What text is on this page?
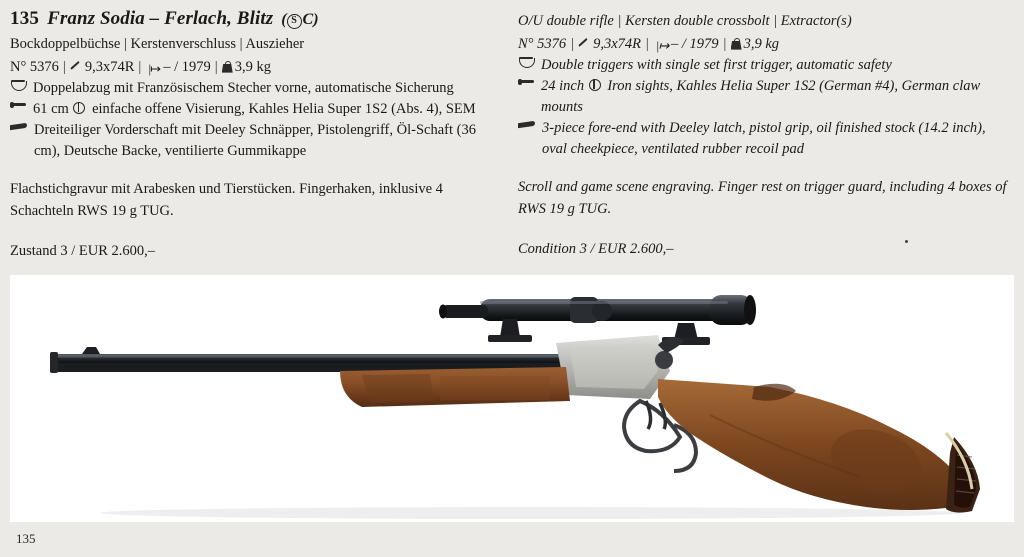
135 Franz Sodia – Ferlach, Blitz ( S C)
Bockdoppelbüchse | Kerstenverschluss | Auszieher
N° 5376 | 9,3x74R | |↦ – / 1979 | 3,9 kg
Doppelabzug mit Französischem Stecher vorne, automatische Sicherung
61 cm einfache offene Visierung, Kahles Helia Super 1S2 (Abs. 4), SEM
Dreiteiliger Vorderschaft mit Deeley Schnäpper, Pistolengriff, Öl-Schaft (36 cm), Deutsche Backe, ventilierte Gummikappe
Flachstichgravur mit Arabesken und Tierstücken. Fingerhaken, inklusive 4 Schachteln RWS 19 g TUG.
Zustand 3 / EUR 2.600,–
O/U double rifle | Kersten double crossbolt | Extractor(s)
N° 5376 | 9,3x74R | |↦ – / 1979 | 3,9 kg
Double triggers with single set first trigger, automatic safety
24 inch Iron sights, Kahles Helia Super 1S2 (German #4), German claw mounts
3-piece fore-end with Deeley latch, pistol grip, oil finished stock (14.2 inch), oval cheekpiece, ventilated rubber recoil pad
Scroll and game scene engraving. Finger rest on trigger guard, including 4 boxes of RWS 19 g TUG.
Condition 3 / EUR 2.600,–
135
